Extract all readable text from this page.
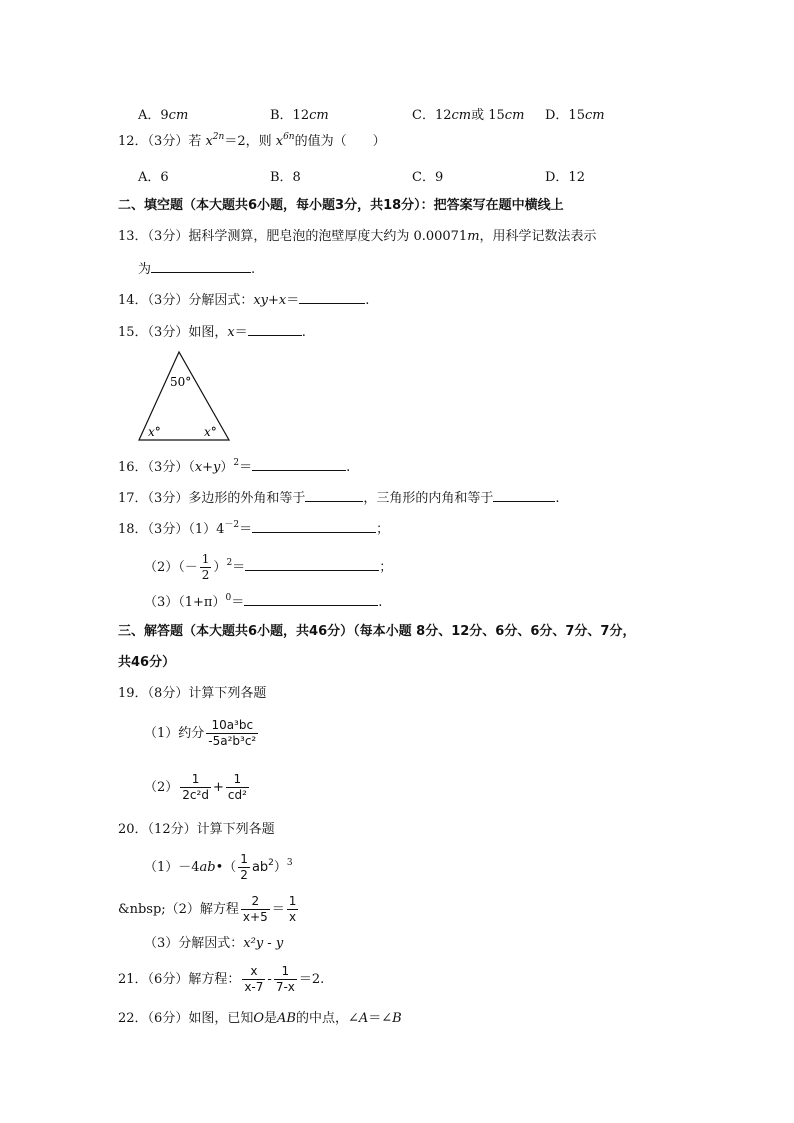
A．9cm	B．12cm	C．12cm或 15cm D．15cm
12．（3分）若 $x^{2n}=2$，则 $x^{6n}$的值为（　　）
A．6	B．8	C．9	D．12
二、填空题（本大题共6小题，每小题3分，共18分）：把答案写在题中横线上
13．（3分）据科学测算，肥皂泡的泡壁厚度大约为 0.00071m，用科学记数法表示
为	.
14．（3分）分解因式：xy+x＝	.
15．（3分）如图，x＝	.
50°
x°	x°
16．（3分）$(x+y)^2=$	.
17．（3分）多边形的外角和等于	，三角形的内角和等于	.
18．（3分）$(1)4^{-2}=$	；
$(2)(- \frac{1}{2} )^2=$	；
$(3)(1+\pi)^0=$	.
三、解答题（本大题共6小题，共46分）（每本小题 8分、12分、6分、6分、7分、7分，
共46分）
19．（8分）计算下列各题
（1）约分 $\frac{\text{10a³bc}}{\text{-5a²b³c²}}$
$(2) \frac{1}{\text{2c²d}} + \frac{1}{\text{cd²}}$
20．（12分）计算下列各题
（1）－4ab•（ $\frac{1}{2} ab^2)^3$
&nbsp;（2）解方程 $\frac{2}{x+5} = \frac{1}{x}$
（3）分解因式：x²y - y
21．（6分）解方程： $\frac{x}{x-7} - \frac{1}{7-x} =2$.
22．（6分）如图，已知O是AB的中点，∠A＝∠B
